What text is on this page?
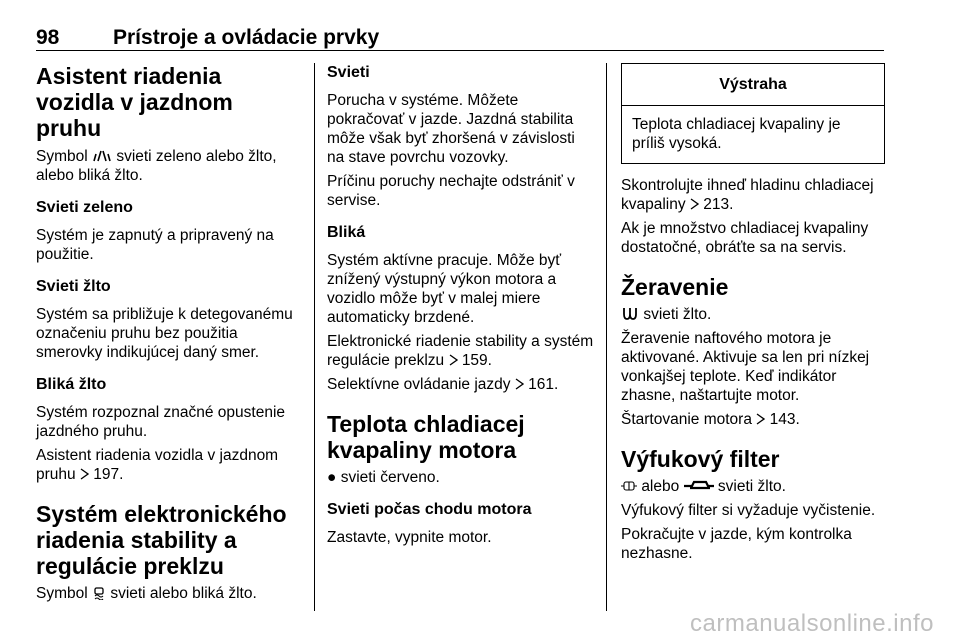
98	Prístroje a ovládacie prvky
Asistent riadenia vozidla v jazdnom pruhu

Symbol svieti zeleno alebo žlto, alebo bliká žlto.

Svieti zeleno

Systém je zapnutý a pripravený na použitie.

Svieti žlto

Systém sa približuje k detegovanému označeniu pruhu bez použitia smerovky indikujúcej daný smer.

Bliká žlto

Systém rozpoznal značné opustenie jazdného pruhu.

Asistent riadenia vozidla v jazdnom pruhu 197.

Systém elektronického riadenia stability a regulácie preklzu

Symbol svieti alebo bliká žlto.

Svieti

Porucha v systéme. Môžete pokračovať v jazde. Jazdná stabilita môže však byť zhoršená v závislosti na stave povrchu vozovky.

Príčinu poruchy nechajte odstrániť v servise.

Bliká

Systém aktívne pracuje. Môže byť znížený výstupný výkon motora a vozidlo môže byť v malej miere automaticky brzdené.

Elektronické riadenie stability a systém regulácie preklzu 159.

Selektívne ovládanie jazdy 161.

Teplota chladiacej kvapaliny motora

● svieti červeno.

Svieti počas chodu motora

Zastavte, vypnite motor.

Výstraha

Teplota chladiacej kvapaliny je príliš vysoká.

Skontrolujte ihneď hladinu chladiacej kvapaliny 213.

Ak je množstvo chladiacej kvapaliny dostatočné, obráťte sa na servis.

Žeravenie

svieti žlto.

Žeravenie naftového motora je aktivované. Aktivuje sa len pri nízkej vonkajšej teplote. Keď indikátor zhasne, naštartujte motor.

Štartovanie motora 143.

Výfukový filter

alebo svieti žlto.

Výfukový filter si vyžaduje vyčistenie.

Pokračujte v jazde, kým kontrolka nezhasne.

carmanualsonline.info
